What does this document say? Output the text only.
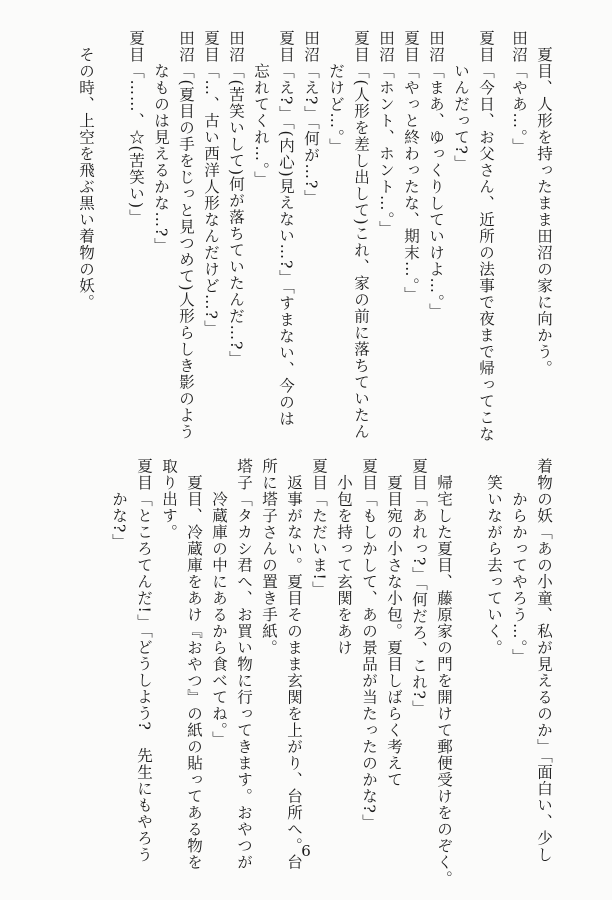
　夏目、人形を持ったまま田沼の家に向かう。
田沼「やあ…。」
夏目「今日、お父さん、近所の法事で夜まで帰ってこな
　　いんだって?」
田沼「まあ、ゆっくりしていけよ…。」
夏目「やっと終わったな、期末…。」
田沼「ホント、ホント…。」
夏目「(人形を差し出して)これ、家の前に落ちていたん
　　だけど…。」
田沼「え?」「何が…?」
夏目「え?」「(内心)見えない…?」「すまない、今のは
　　忘れてくれ…。」
田沼「(苦笑いして)何が落ちていたんだ…?」
夏目「…、古い西洋人形なんだけど…?」
田沼「(夏目の手をじっと見つめて)人形らしき影のよう
　　なものは見えるかな…?」
夏目「……、☆(苦笑い)」

　その時、上空を飛ぶ黒い着物の妖。
着物の妖「あの小童、私が見えるのか」「面白い、少し
　　からかってやろう…。」
　笑いながら去っていく。

　帰宅した夏目、藤原家の門を開けて郵便受けをのぞく。
夏目「あれっ?」「何だろ、これ?」
　夏目宛の小さな小包。夏目しばらく考えて
夏目「もしかして、あの景品が当たったのかな?」
　小包を持って玄関をあけ
夏目「ただいま!」
　返事がない。夏目そのまま玄関を上がり、台所へ。台
所に塔子さんの置き手紙。
塔子「タカシ君へ、お買い物に行ってきます。おやつが
　　冷蔵庫の中にあるから食べてね。」
　夏目、冷蔵庫をあけ『おやつ』の紙の貼ってある物を
取り出す。
夏目「ところてんだ!」「どうしよう?　先生にもやろう
　　かな?」
6
